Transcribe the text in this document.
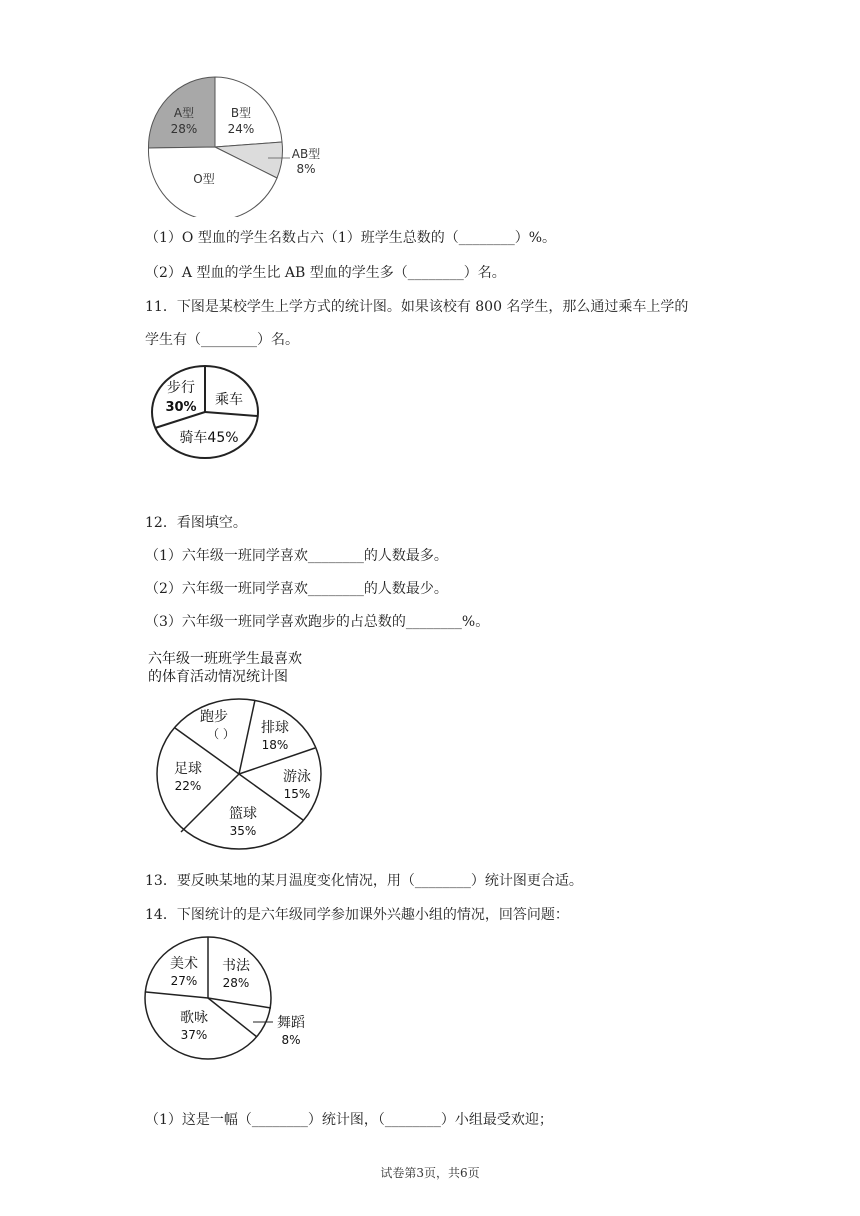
A型
28%
B型
24%
AB型
8%
O型
（1）O 型血的学生名数占六（1）班学生总数的（________）%。
（2）A 型血的学生比 AB 型血的学生多（________）名。
11．下图是某校学生上学方式的统计图。如果该校有 800 名学生，那么通过乘车上学的
学生有（________）名。
步行
30% 乘车
骑车45%
12．看图填空。
（1）六年级一班同学喜欢________的人数最多。
（2）六年级一班同学喜欢________的人数最少。
（3）六年级一班同学喜欢跑步的占总数的________%。
六年级一班班学生最喜欢
的体育活动情况统计图
跑步
（ ） 排球
18%
游泳
15%
篮球
35%
足球
22%
13．要反映某地的某月温度变化情况，用（________）统计图更合适。
14．下图统计的是六年级同学参加课外兴趣小组的情况，回答问题：
美术
27%
书法
28%
舞蹈
8%
歌咏
37%
（1）这是一幅（________）统计图，（________）小组最受欢迎；
试卷第3页，共6页
